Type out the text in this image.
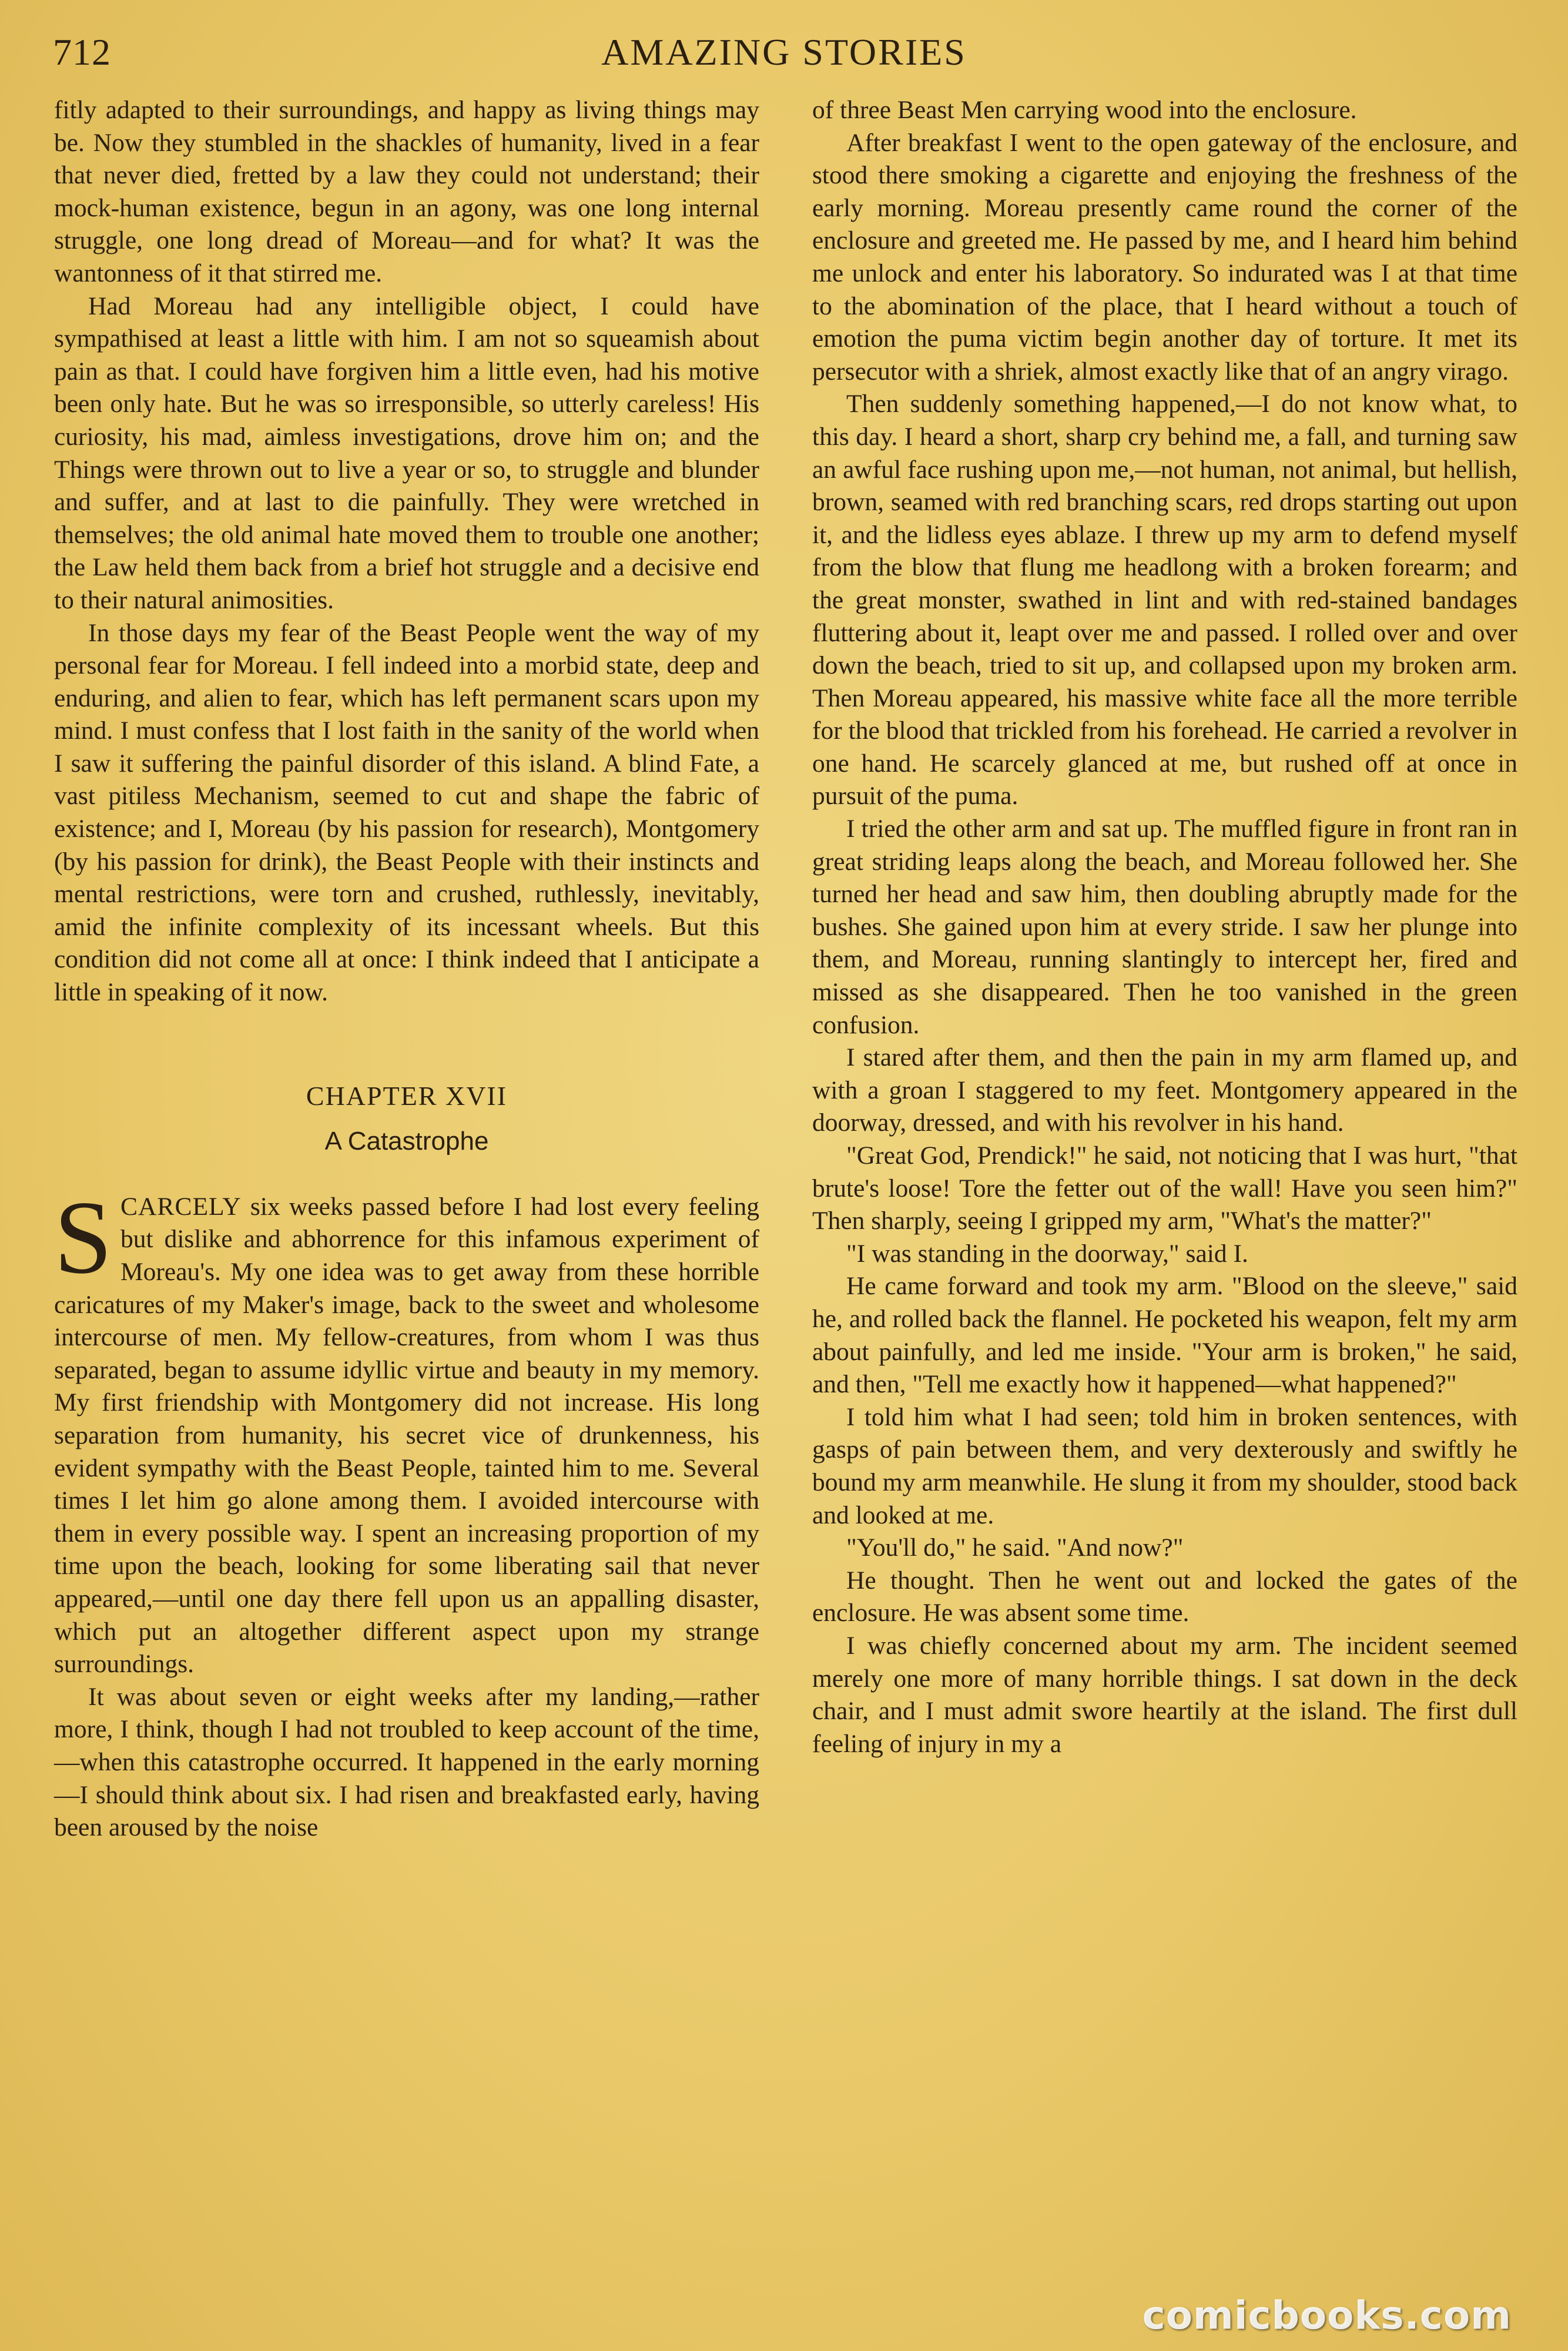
712	AMAZING STORIES

fitly adapted to their surroundings, and happy as living things may be. Now they stumbled in the shackles of humanity, lived in a fear that never died, fretted by a law they could not understand; their mock-human existence, begun in an agony, was one long internal struggle, one long dread of Moreau—and for what? It was the wantonness of it that stirred me.

Had Moreau had any intelligible object, I could have sympathised at least a little with him. I am not so squeamish about pain as that. I could have forgiven him a little even, had his motive been only hate. But he was so irresponsible, so utterly careless! His curiosity, his mad, aimless investigations, drove him on; and the Things were thrown out to live a year or so, to struggle and blunder and suffer, and at last to die painfully. They were wretched in themselves; the old animal hate moved them to trouble one another; the Law held them back from a brief hot struggle and a decisive end to their natural animosities.

In those days my fear of the Beast People went the way of my personal fear for Moreau. I fell indeed into a morbid state, deep and enduring, and alien to fear, which has left permanent scars upon my mind. I must confess that I lost faith in the sanity of the world when I saw it suffering the painful disorder of this island. A blind Fate, a vast pitiless Mechanism, seemed to cut and shape the fabric of existence; and I, Moreau (by his passion for research), Montgomery (by his passion for drink), the Beast People with their instincts and mental restrictions, were torn and crushed, ruthlessly, inevitably, amid the infinite complexity of its incessant wheels. But this condition did not come all at once: I think indeed that I anticipate a little in speaking of it now.

CHAPTER XVII
A Catastrophe

SCARCELY six weeks passed before I had lost every feeling but dislike and abhorrence for this infamous experiment of Moreau's. My one idea was to get away from these horrible caricatures of my Maker's image, back to the sweet and wholesome intercourse of men. My fellow-creatures, from whom I was thus separated, began to assume idyllic virtue and beauty in my memory. My first friendship with Montgomery did not increase. His long separation from humanity, his secret vice of drunkenness, his evident sympathy with the Beast People, tainted him to me. Several times I let him go alone among them. I avoided intercourse with them in every possible way. I spent an increasing proportion of my time upon the beach, looking for some liberating sail that never appeared,—until one day there fell upon us an appalling disaster, which put an altogether different aspect upon my strange surroundings.

It was about seven or eight weeks after my landing,—rather more, I think, though I had not troubled to keep account of the time,—when this catastrophe occurred. It happened in the early morning—I should think about six. I had risen and breakfasted early, having been aroused by the noise

of three Beast Men carrying wood into the enclosure.

After breakfast I went to the open gateway of the enclosure, and stood there smoking a cigarette and enjoying the freshness of the early morning. Moreau presently came round the corner of the enclosure and greeted me. He passed by me, and I heard him behind me unlock and enter his laboratory. So indurated was I at that time to the abomination of the place, that I heard without a touch of emotion the puma victim begin another day of torture. It met its persecutor with a shriek, almost exactly like that of an angry virago.

Then suddenly something happened,—I do not know what, to this day. I heard a short, sharp cry behind me, a fall, and turning saw an awful face rushing upon me,—not human, not animal, but hellish, brown, seamed with red branching scars, red drops starting out upon it, and the lidless eyes ablaze. I threw up my arm to defend myself from the blow that flung me headlong with a broken forearm; and the great monster, swathed in lint and with red-stained bandages fluttering about it, leapt over me and passed. I rolled over and over down the beach, tried to sit up, and collapsed upon my broken arm. Then Moreau appeared, his massive white face all the more terrible for the blood that trickled from his forehead. He carried a revolver in one hand. He scarcely glanced at me, but rushed off at once in pursuit of the puma.

I tried the other arm and sat up. The muffled figure in front ran in great striding leaps along the beach, and Moreau followed her. She turned her head and saw him, then doubling abruptly made for the bushes. She gained upon him at every stride. I saw her plunge into them, and Moreau, running slantingly to intercept her, fired and missed as she disappeared. Then he too vanished in the green confusion.

I stared after them, and then the pain in my arm flamed up, and with a groan I staggered to my feet. Montgomery appeared in the doorway, dressed, and with his revolver in his hand.

"Great God, Prendick!" he said, not noticing that I was hurt, "that brute's loose! Tore the fetter out of the wall! Have you seen him?" Then sharply, seeing I gripped my arm, "What's the matter?"

"I was standing in the doorway," said I.

He came forward and took my arm. "Blood on the sleeve," said he, and rolled back the flannel. He pocketed his weapon, felt my arm about painfully, and led me inside. "Your arm is broken," he said, and then, "Tell me exactly how it happened—what happened?"

I told him what I had seen; told him in broken sentences, with gasps of pain between them, and very dexterously and swiftly he bound my arm meanwhile. He slung it from my shoulder, stood back and looked at me.

"You'll do," he said. "And now?"

He thought. Then he went out and locked the gates of the enclosure. He was absent some time.

I was chiefly concerned about my arm. The incident seemed merely one more of many horrible things. I sat down in the deck chair, and I must admit swore heartily at the island. The first dull feeling of injury in my a

comicbooks.com
